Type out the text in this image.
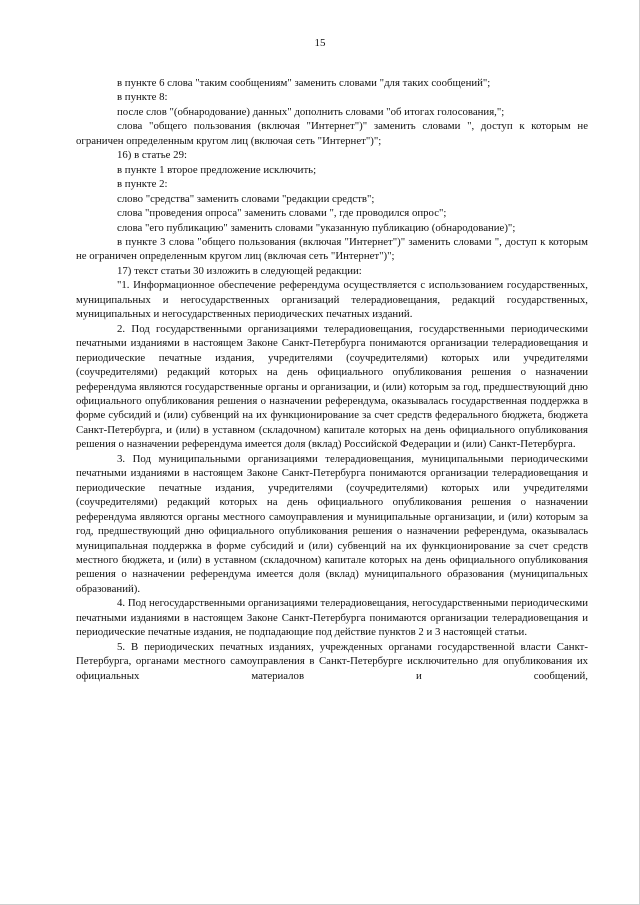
15

в пункте 6 слова "таким сообщениям" заменить словами "для таких сообщений";

в пункте 8:

после слов "(обнародование) данных" дополнить словами "об итогах голосования,";

слова "общего пользования (включая "Интернет")" заменить словами ", доступ к которым не ограничен определенным кругом лиц (включая сеть "Интернет")";

16) в статье 29:

в пункте 1 второе предложение исключить;

в пункте 2:

слово "средства" заменить словами "редакции средств";

слова "проведения опроса" заменить словами ", где проводился опрос";

слова "его публикацию" заменить словами "указанную публикацию (обнародование)";

в пункте 3 слова "общего пользования (включая "Интернет")" заменить словами ", доступ к которым не ограничен определенным кругом лиц (включая сеть "Интернет")";

17) текст статьи 30 изложить в следующей редакции:

"1. Информационное обеспечение референдума осуществляется с использованием государственных, муниципальных и негосударственных организаций телерадиовещания, редакций государственных, муниципальных и негосударственных периодических печатных изданий.

2. Под государственными организациями телерадиовещания, государственными периодическими печатными изданиями в настоящем Законе Санкт-Петербурга понимаются организации телерадиовещания и периодические печатные издания, учредителями (соучредителями) которых или учредителями (соучредителями) редакций которых на день официального опубликования решения о назначении референдума являются государственные органы и организации, и (или) которым за год, предшествующий дню официального опубликования решения о назначении референдума, оказывалась государственная поддержка в форме субсидий и (или) субвенций на их функционирование за счет средств федерального бюджета, бюджета Санкт-Петербурга, и (или) в уставном (складочном) капитале которых на день официального опубликования решения о назначении референдума имеется доля (вклад) Российской Федерации и (или) Санкт-Петербурга.

3. Под муниципальными организациями телерадиовещания, муниципальными периодическими печатными изданиями в настоящем Законе Санкт-Петербурга понимаются организации телерадиовещания и периодические печатные издания, учредителями (соучредителями) которых или учредителями (соучредителями) редакций которых на день официального опубликования решения о назначении референдума являются органы местного самоуправления и муниципальные организации, и (или) которым за год, предшествующий дню официального опубликования решения о назначении референдума, оказывалась муниципальная поддержка в форме субсидий и (или) субвенций на их функционирование за счет средств местного бюджета, и (или) в уставном (складочном) капитале которых на день официального опубликования решения о назначении референдума имеется доля (вклад) муниципального образования (муниципальных образований).

4. Под негосударственными организациями телерадиовещания, негосударственными периодическими печатными изданиями в настоящем Законе Санкт-Петербурга понимаются организации телерадиовещания и периодические печатные издания, не подпадающие под действие пунктов 2 и 3 настоящей статьи.

5. В периодических печатных изданиях, учрежденных органами государственной власти Санкт-Петербурга, органами местного самоуправления в Санкт-Петербурге исключительно для опубликования их официальных материалов и сообщений,
